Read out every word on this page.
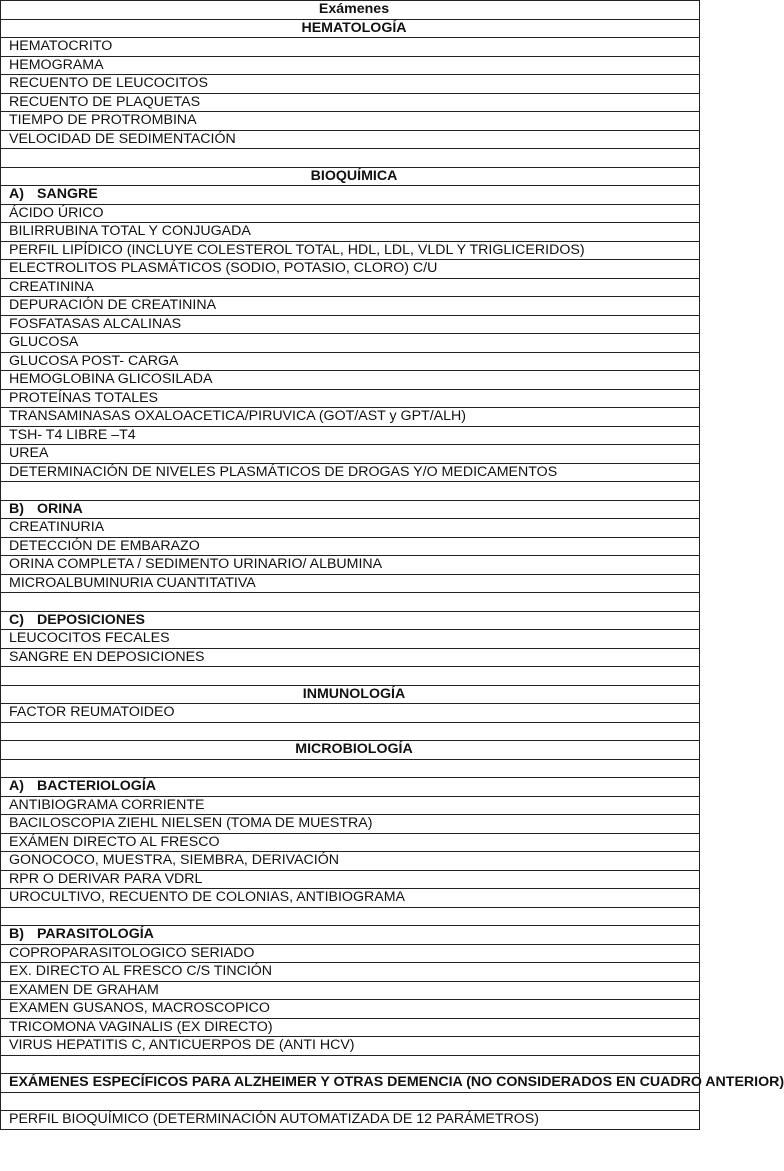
Exámenes
HEMATOLOGÍA
HEMATOCRITO
HEMOGRAMA
RECUENTO DE LEUCOCITOS
RECUENTO DE PLAQUETAS
TIEMPO DE PROTROMBINA
VELOCIDAD DE SEDIMENTACIÓN

BIOQUÍMICA
A) SANGRE
ÁCIDO ÚRICO
BILIRRUBINA TOTAL Y CONJUGADA
PERFIL LIPÍDICO (INCLUYE COLESTEROL TOTAL, HDL, LDL, VLDL Y TRIGLICERIDOS)
ELECTROLITOS PLASMÁTICOS (SODIO, POTASIO, CLORO) C/U
CREATININA
DEPURACIÓN DE CREATININA
FOSFATASAS ALCALINAS
GLUCOSA
GLUCOSA POST- CARGA
HEMOGLOBINA GLICOSILADA
PROTEÍNAS TOTALES
TRANSAMINASAS OXALOACETICA/PIRUVICA (GOT/AST y GPT/ALH)
TSH- T4 LIBRE –T4
UREA
DETERMINACIÓN DE NIVELES PLASMÁTICOS DE DROGAS Y/O MEDICAMENTOS

B) ORINA
CREATINURIA
DETECCIÓN DE EMBARAZO
ORINA COMPLETA / SEDIMENTO URINARIO/ ALBUMINA
MICROALBUMINURIA CUANTITATIVA

C) DEPOSICIONES
LEUCOCITOS FECALES
SANGRE EN DEPOSICIONES

INMUNOLOGÍA
FACTOR REUMATOIDEO

MICROBIOLOGÍA

A) BACTERIOLOGÍA
ANTIBIOGRAMA CORRIENTE
BACILOSCOPIA ZIEHL NIELSEN (TOMA DE MUESTRA)
EXÁMEN DIRECTO AL FRESCO
GONOCOCO, MUESTRA, SIEMBRA, DERIVACIÓN
RPR O DERIVAR PARA VDRL
UROCULTIVO, RECUENTO DE COLONIAS, ANTIBIOGRAMA

B) PARASITOLOGÍA
COPROPARASITOLOGICO SERIADO
EX. DIRECTO AL FRESCO C/S TINCIÓN
EXAMEN DE GRAHAM
EXAMEN GUSANOS, MACROSCOPICO
TRICOMONA VAGINALIS (EX DIRECTO)
VIRUS HEPATITIS C, ANTICUERPOS DE (ANTI HCV)

EXÁMENES ESPECÍFICOS PARA ALZHEIMER Y OTRAS DEMENCIA (NO CONSIDERADOS EN CUADRO ANTERIOR)

PERFIL BIOQUÍMICO (DETERMINACIÓN AUTOMATIZADA DE 12 PARÁMETROS)
